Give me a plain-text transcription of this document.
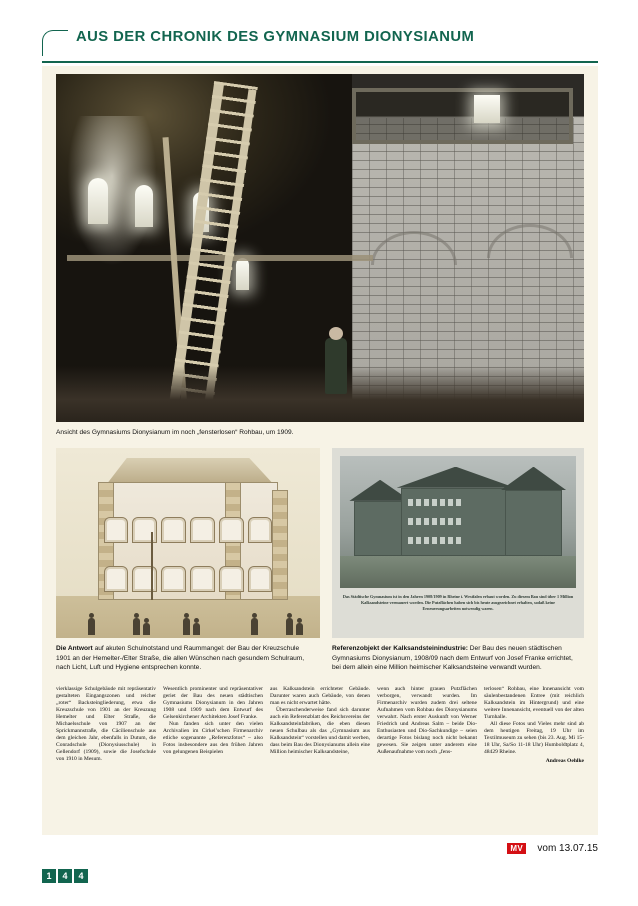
AUS DER CHRONIK DES GYMNASIUM DIONYSIANUM
Ansicht des Gymnasiums Dionysianum im noch „fensterlosen“ Rohbau, um 1909.
Die Antwort auf akuten Schulnotstand und Raummangel: der Bau der Kreuzschule 1901 an der Hemelter-/Elter Straße, die allen Wünschen nach gesundem Schulraum, nach Licht, Luft und Hygiene entsprechen konnte.
Das Städtische Gymnasium ist in den Jahren 1908/1909 in Rheine i. Westfalen erbaut worden. Zu diesem Bau sind über 1 Million Kalksandsteine vermauert worden. Die Putzflächen haben sich bis heute ausgezeichnet erhalten, sodaß keine Erneuerungsarbeiten notwendig waren.
Referenzobjekt der Kalksandsteinindustrie: Der Bau des neuen städtischen Gymnasiums Dionysianum, 1908/09 nach dem Entwurf von Josef Franke errichtet, bei dem allein eine Million heimischer Kalksandsteine verwandt wurden.

vierklassige Schulgebäude mit repräsentativ gestalteten Eingangszonen und reicher „roter“ Backsteingliederung, etwa die Kreuzschule von 1901 an der Kreuzung Hemelter und Elter Straße, die Michaelsschule von 1907 an der Sprickmannstraße, die Cäcilienschule aus dem gleichen Jahr, ebenfalls in Dutum, die Conradschule (Dionysiusschule) in Gellendorf (1909), sowie die Josefschule von 1910 in Mesum.

Wesentlich prominenter und repräsentativer geriet der Bau des neuen städtischen Gymnasiums Dionysianum in den Jahren 1908 und 1909 nach dem Entwurf des Gelsenkirchener Architekten Josef Franke.

Nun fanden sich unter den vielen Archivalien im Cirkel’schen Firmenarchiv etliche sogenannte „Referenzfotos“ – also Fotos insbesondere aus den frühen Jahren von gelungenen Beispielen

aus Kalksandstein errichteter Gebäude. Darunter waren auch Gebäude, von denen man es nicht erwartet hätte.

Überraschenderweise fand sich darunter auch ein Referenzblatt des Reichsvereins der Kalksandsteinfabriken, die eben diesen neuen Schulbau als das „Gymnasium aus Kalksandstein“ vorstellen und damit werben, dass beim Bau des Dionysianums allein eine Million heimischer Kalksandsteine,

wenn auch hinter grauen Putzflächen verborgen, verwandt wurden. Im Firmenarchiv wurden zudem drei seltene Aufnahmen vom Rohbau des Dionysianums verwahrt. Nach erster Auskunft von Werner Friedrich und Andreas Salm – beide Dio-Enthusiasten und Dio-Sachkundige – seien derartige Fotos bislang noch nicht bekannt gewesen. Sie zeigen unter anderem eine Außenaufnahme vom noch „fens-

terlosen“ Rohbau, eine Innenansicht vom säulenbestandenen Entree (mit reichlich Kalksandstein im Hintergrund) und eine weitere Innenansicht, eventuell von der alten Turnhalle.

All diese Fotos und Vieles mehr sind ab dem heutigen Freitag, 19 Uhr im Textilmuseum zu sehen (bis 23. Aug. Mi 15-18 Uhr, Sa/So 11-18 Uhr) Humboldtplatz 4, 48429 Rheine.

Andreas Oehlke
MV	vom 13.07.15
1	4	4
